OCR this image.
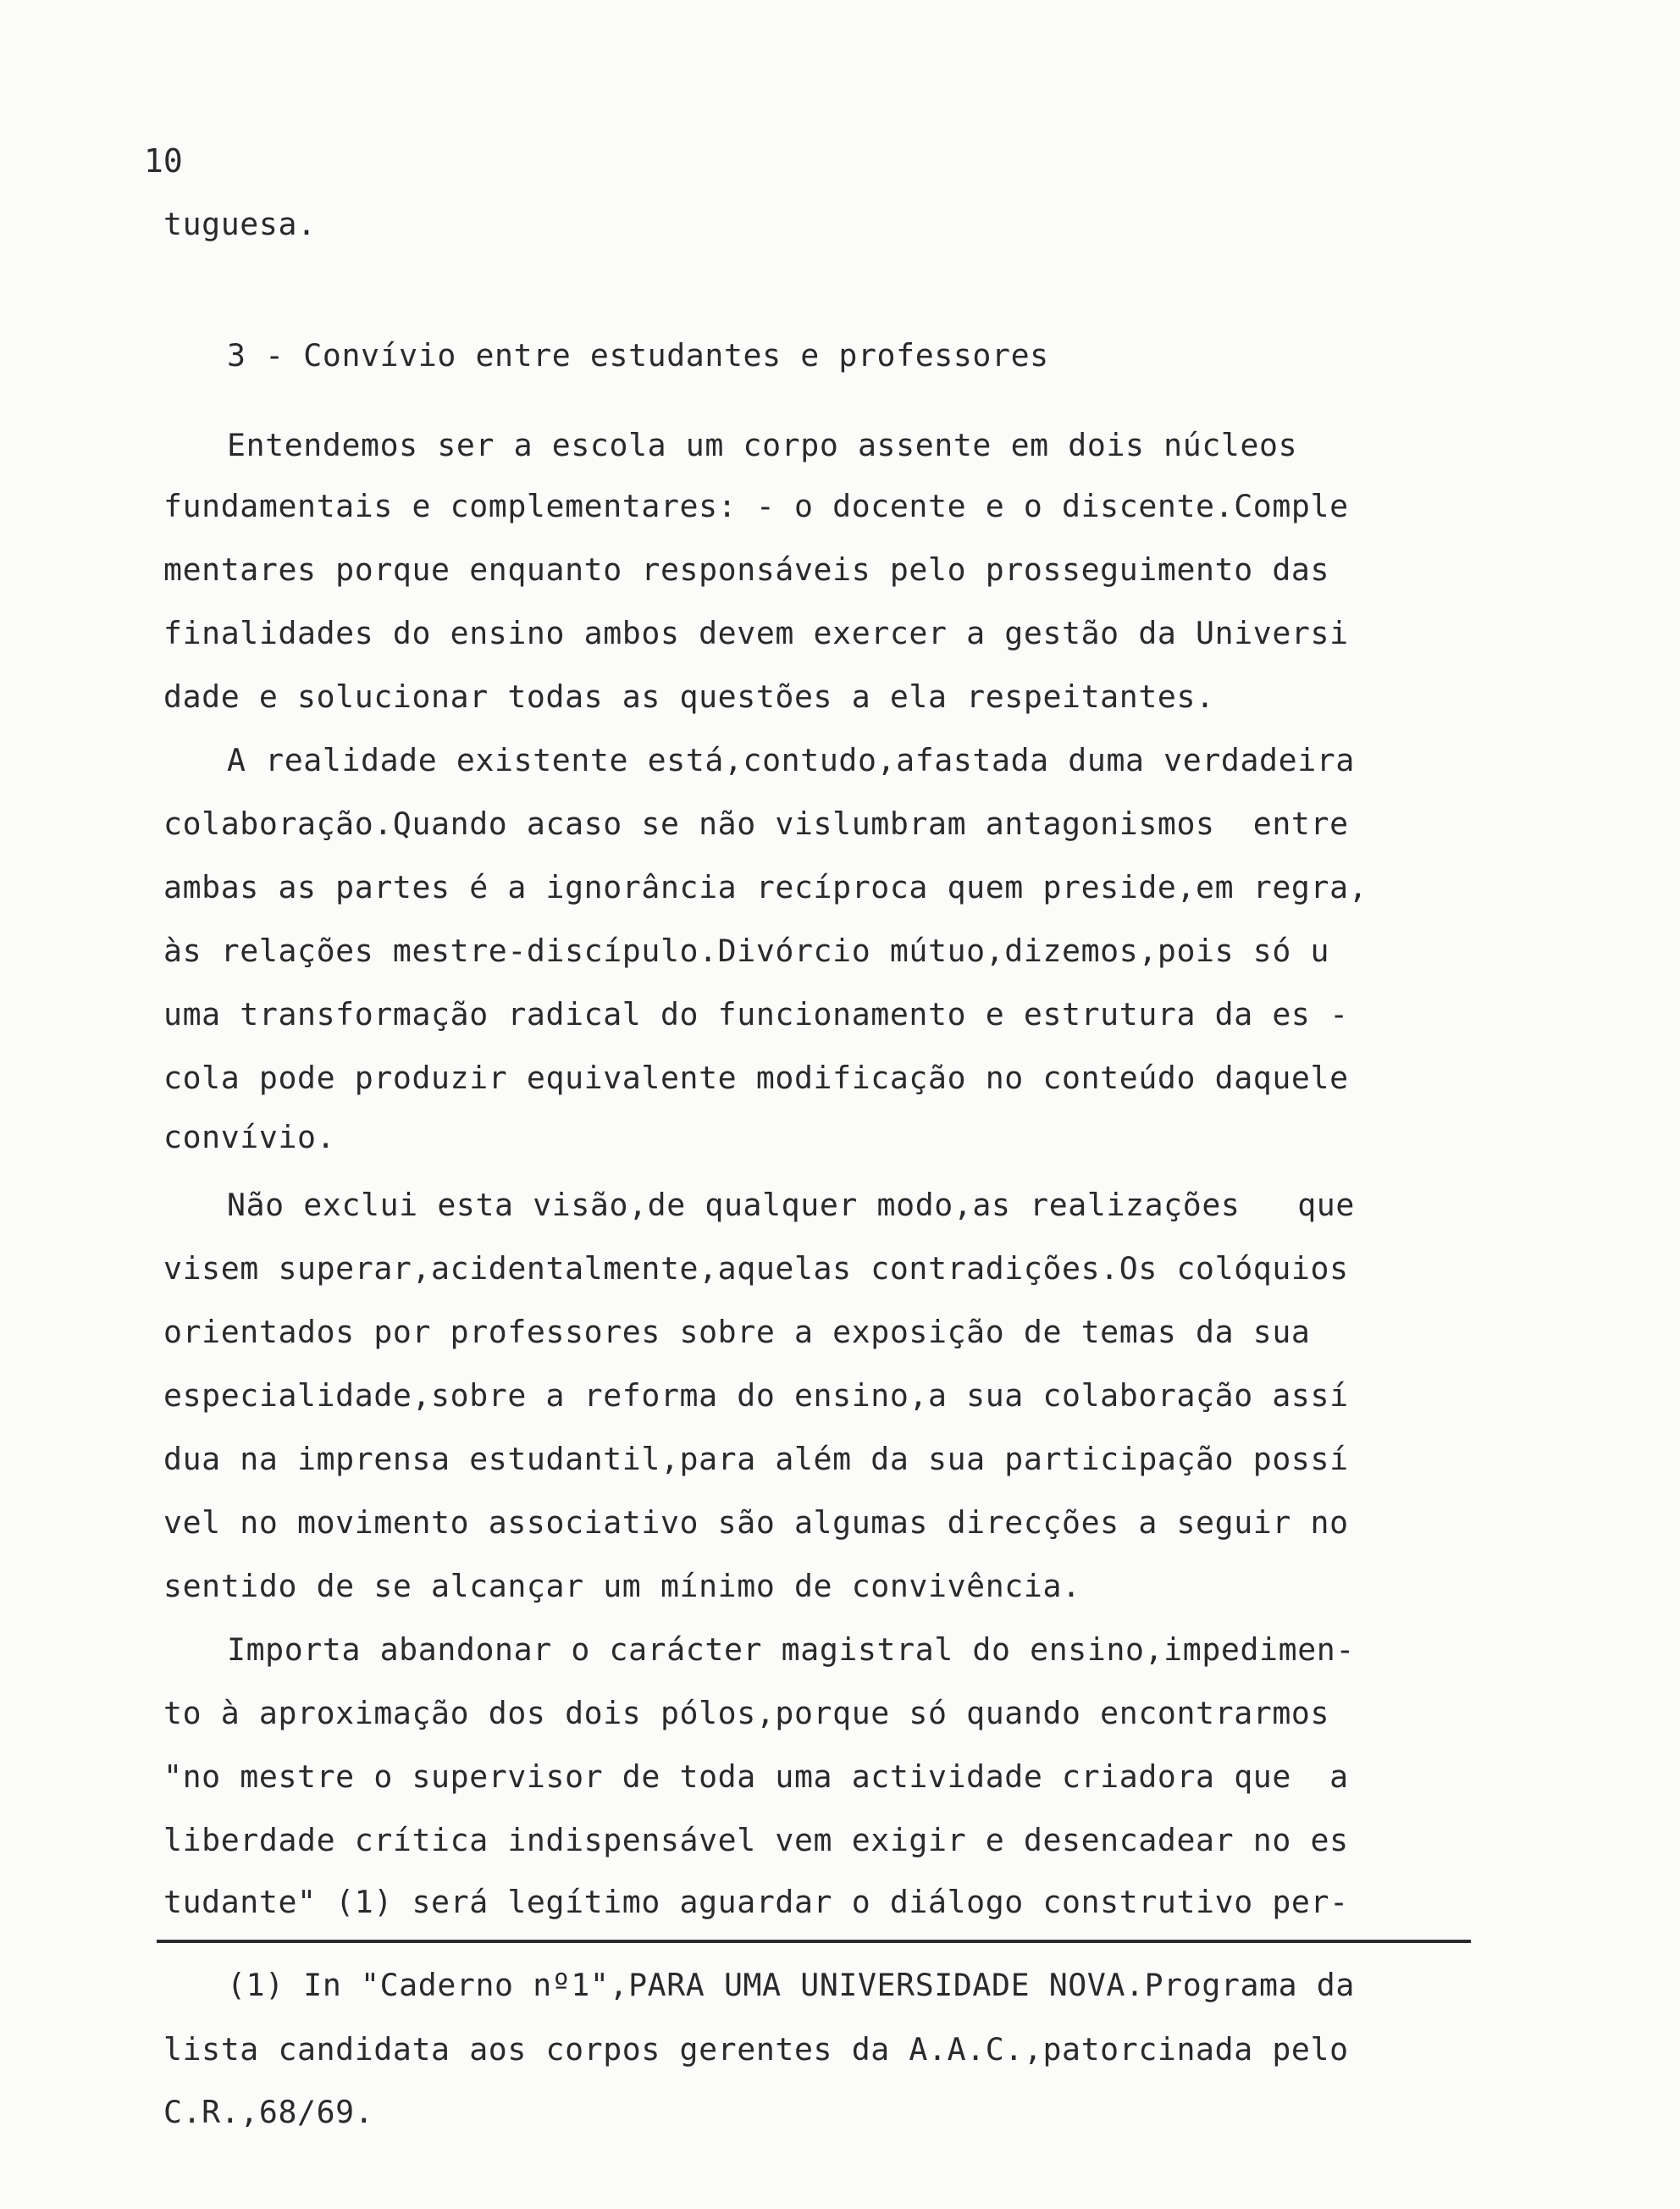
10
tuguesa.
3 - Convívio entre estudantes e professores
Entendemos ser a escola um corpo assente em dois núcleos
fundamentais e complementares: - o docente e o discente.Comple
mentares porque enquanto responsáveis pelo prosseguimento das
finalidades do ensino ambos devem exercer a gestão da Universi
dade e solucionar todas as questões a ela respeitantes.
A realidade existente está,contudo,afastada duma verdadeira
colaboração.Quando acaso se não vislumbram antagonismos  entre
ambas as partes é a ignorância recíproca quem preside,em regra,
às relações mestre-discípulo.Divórcio mútuo,dizemos,pois só u
uma transformação radical do funcionamento e estrutura da es -
cola pode produzir equivalente modificação no conteúdo daquele
convívio.
Não exclui esta visão,de qualquer modo,as realizações   que
visem superar,acidentalmente,aquelas contradições.Os colóquios
orientados por professores sobre a exposição de temas da sua
especialidade,sobre a reforma do ensino,a sua colaboração assí
dua na imprensa estudantil,para além da sua participação possí
vel no movimento associativo são algumas direcções a seguir no
sentido de se alcançar um mínimo de convivência.
Importa abandonar o carácter magistral do ensino,impedimen-
to à aproximação dos dois pólos,porque só quando encontrarmos
"no mestre o supervisor de toda uma actividade criadora que  a
liberdade crítica indispensável vem exigir e desencadear no es
tudante" (1) será legítimo aguardar o diálogo construtivo per-
(1) In "Caderno nº1",PARA UMA UNIVERSIDADE NOVA.Programa da
lista candidata aos corpos gerentes da A.A.C.,patorcinada pelo
C.R.,68/69.
